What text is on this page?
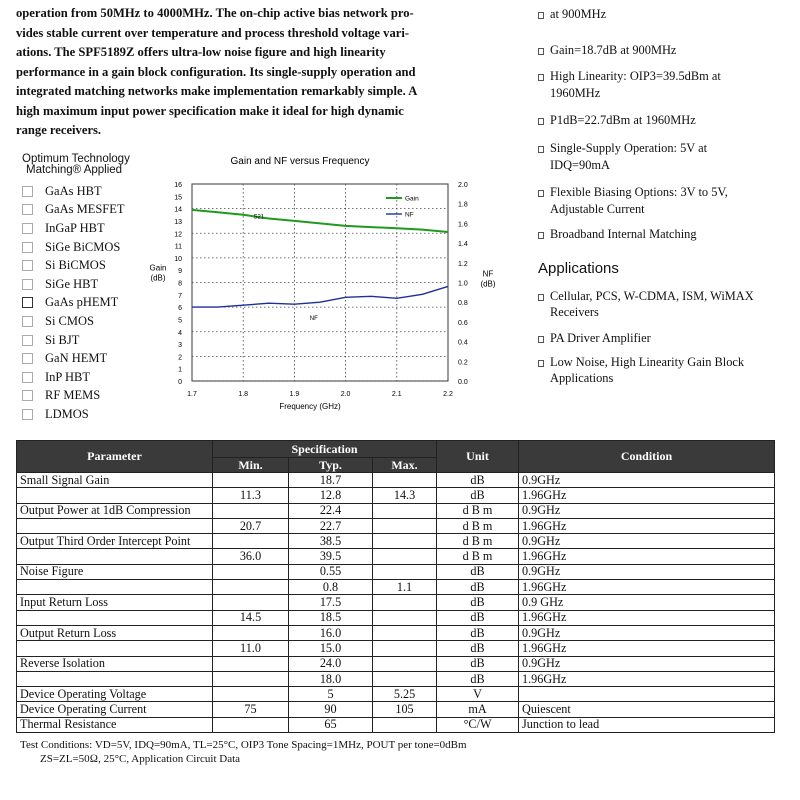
operation from 50MHz to 4000MHz. The on-chip active bias network pro-
vides stable current over temperature and process threshold voltage vari-
ations. The SPF5189Z offers ultra-low noise figure and high linearity
performance in a gain block configuration. Its single-supply operation and
integrated matching networks make implementation remarkably simple. A
high maximum input power specification make it ideal for high dynamic
range receivers.
Optimum Technology
Matching® Applied
GaAs HBT
GaAs MESFET
InGaP HBT
SiGe BiCMOS
Si BiCMOS
SiGe HBT
GaAs pHEMT
Si CMOS
Si BJT
GaN HEMT
InP HBT
RF MEMS
LDMOS
Gain and NF versus Frequency
0
1
2
3
4
5
6
7
8
9
10
11
12
13
14
15
16
0.0
0.2
0.4
0.6
0.8
1.0
1.2
1.4
1.6
1.8
2.0
1.7	1.8	1.9	2.0	2.1	2.2
Gain
(dB)	NF
(dB)
Frequency (GHz)
S21
NF
Gain
NF
at 900MHz
Gain=18.7dB at 900MHz
High Linearity: OIP3=39.5dBm at 1960MHz
P1dB=22.7dBm at 1960MHz
Single-Supply Operation: 5V at IDQ=90mA
Flexible Biasing Options: 3V to 5V, Adjustable Current
Broadband Internal Matching
Applications
Cellular, PCS, W-CDMA, ISM, WiMAX Receivers
PA Driver Amplifier
Low Noise, High Linearity Gain Block Applications
Parameter	Specification			Unit	Condition
	Min.	Typ.	Max.		
Small Signal Gain		18.7		dB	0.9GHz
	11.3	12.8	14.3	dB	1.96GHz
Output Power at 1dB Compression		22.4		d B m	0.9GHz
	20.7	22.7		d B m	1.96GHz
Output Third Order Intercept Point		38.5		d B m	0.9GHz
	36.0	39.5		d B m	1.96GHz
Noise Figure		0.55		dB	0.9GHz
		0.8	1.1	dB	1.96GHz
Input Return Loss		17.5		dB	0.9 GHz
	14.5	18.5		dB	1.96GHz
Output Return Loss		16.0		dB	0.9GHz
	11.0	15.0		dB	1.96GHz
Reverse Isolation		24.0		dB	0.9GHz
		18.0		dB	1.96GHz
Device Operating Voltage		5	5.25	V	
Device Operating Current	75	90	105	mA	Quiescent
Thermal Resistance		65		°C/W	Junction to lead
Test Conditions: VD=5V, IDQ=90mA, TL=25°C, OIP3 Tone Spacing=1MHz, POUT per tone=0dBm
ZS=ZL=50Ω, 25°C, Application Circuit Data
